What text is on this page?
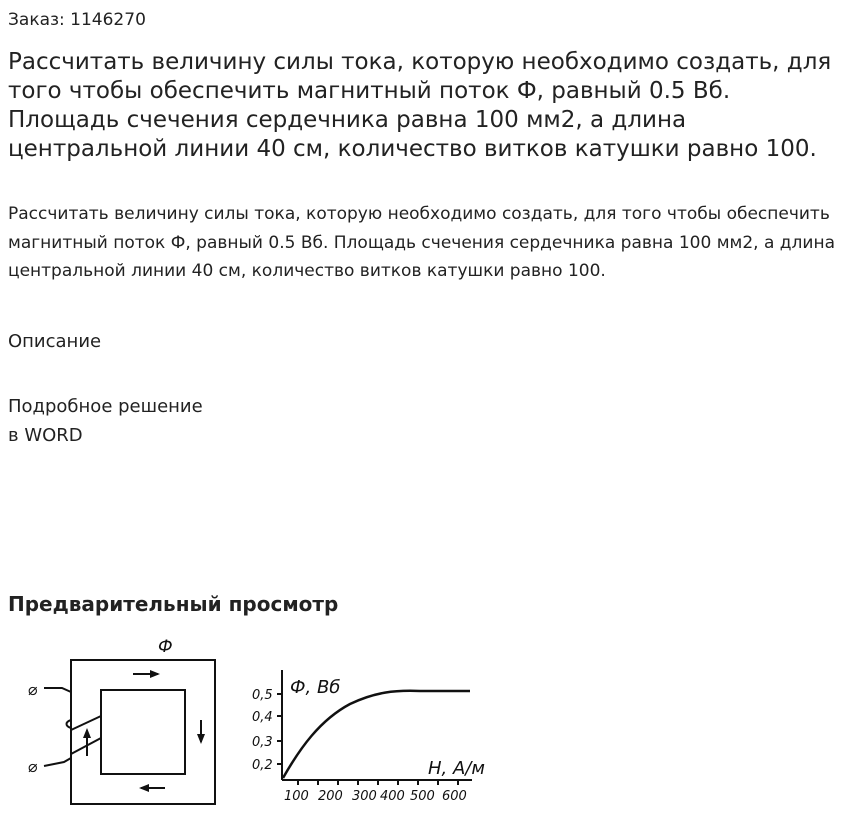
Заказ: 1146270
Рассчитать величину силы тока, которую необходимо создать, для того чтобы обеспечить магнитный поток Ф, равный 0.5 Вб. Площадь счечения сердечника равна 100 мм2, а длина центральной линии 40 см, количество витков катушки равно 100.

Рассчитать величину силы тока, которую необходимо создать, для того чтобы обеспечить магнитный поток Ф, равный 0.5 Вб. Площадь счечения сердечника равна 100 мм2, а длина центральной линии 40 см, количество витков катушки равно 100.

Описание
Подробное решение
в WORD
Предварительный просмотр
Ф
⌀
⌀
Ф, Вб
H, А/м
0,5
0,4
0,3
0,2
100 200 300 400 500 600
